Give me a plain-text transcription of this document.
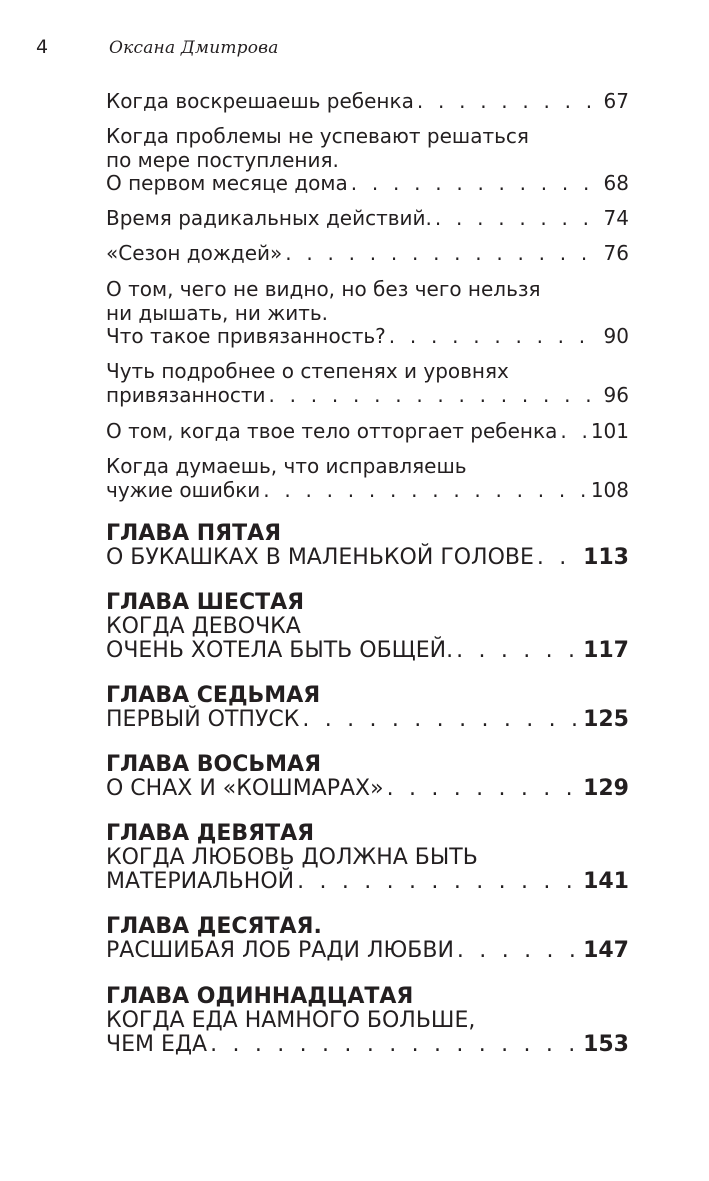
4	Оксана Дмитрова
Когда воскрешаешь ребенка . . .	67
Когда проблемы не успевают решаться
по мере поступления.
О первом месяце дома . . .	68
Время радикальных действий. . . .	74
«Сезон дождей» . . .	76
О том, чего не видно, но без чего нельзя
ни дышать, ни жить.
Что такое привязанность? . . .	90
Чуть подробнее о степенях и уровнях
привязанности . . .	96
О том, когда твое тело отторгает ребенка . . . 101
Когда думаешь, что исправляешь
чужие ошибки . . .	108
ГЛАВА ПЯТАЯ
О БУКАШКАХ В МАЛЕНЬКОЙ ГОЛОВЕ . . . 113
ГЛАВА ШЕСТАЯ
КОГДА ДЕВОЧКА
ОЧЕНЬ ХОТЕЛА БЫТЬ ОБЩЕЙ. . . .	117
ГЛАВА СЕДЬМАЯ
ПЕРВЫЙ ОТПУСК . . .	125
ГЛАВА ВОСЬМАЯ
О СНАХ И «КОШМАРАХ» . . .	129
ГЛАВА ДЕВЯТАЯ
КОГДА ЛЮБОВЬ ДОЛЖНА БЫТЬ
МАТЕРИАЛЬНОЙ . . .	141
ГЛАВА ДЕСЯТАЯ.
РАСШИБАЯ ЛОБ РАДИ ЛЮБВИ . . .	147
ГЛАВА ОДИННАДЦАТАЯ
КОГДА ЕДА НАМНОГО БОЛЬШЕ,
ЧЕМ ЕДА . . .	153
